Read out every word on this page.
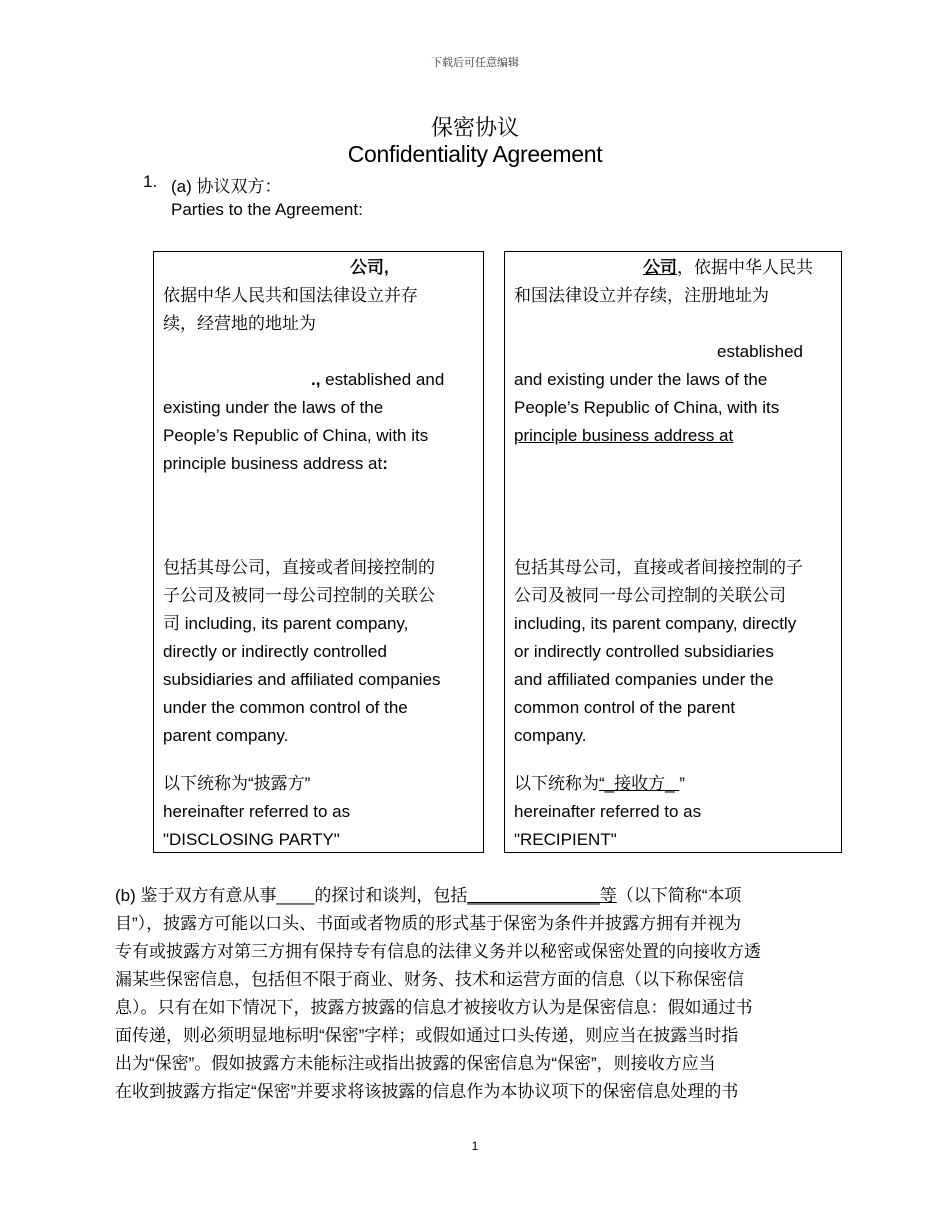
下载后可任意编辑
保密协议
Confidentiality Agreement
1. (a) 协议双方：
Parties to the Agreement:
公司,
依据中华人民共和国法律设立并存
续，经营地的地址为
., established and
existing under the laws of the
People’s Republic of China, with its
principle business address at:
包括其母公司，直接或者间接控制的
子公司及被同一母公司控制的关联公
司 including, its parent company,
directly or indirectly controlled
subsidiaries and affiliated companies
under the common control of the
parent company.
以下统称为“披露方”
hereinafter referred to as
"DISCLOSING PARTY"
公司，依据中华人民共
和国法律设立并存续，注册地址为
established
and existing under the laws of the
People’s Republic of China, with its
principle business address at
包括其母公司，直接或者间接控制的子
公司及被同一母公司控制的关联公司
including, its parent company, directly
or indirectly controlled subsidiaries
and affiliated companies under the
common control of the parent
company.
以下统称为“_接收方_ ”
hereinafter referred to as
"RECIPIENT"
(b) 鉴于双方有意从事____的探讨和谈判，包括______________等（以下简称“本项
目”），披露方可能以口头、书面或者物质的形式基于保密为条件并披露方拥有并视为
专有或披露方对第三方拥有保持专有信息的法律义务并以秘密或保密处置的向接收方透
漏某些保密信息，包括但不限于商业、财务、技术和运营方面的信息（以下称保密信
息）。只有在如下情况下，披露方披露的信息才被接收方认为是保密信息：假如通过书
面传递，则必须明显地标明“保密”字样；或假如通过口头传递，则应当在披露当时指
出为“保密”。假如披露方未能标注或指出披露的保密信息为“保密”，则接收方应当
在收到披露方指定“保密”并要求将该披露的信息作为本协议项下的保密信息处理的书
1
